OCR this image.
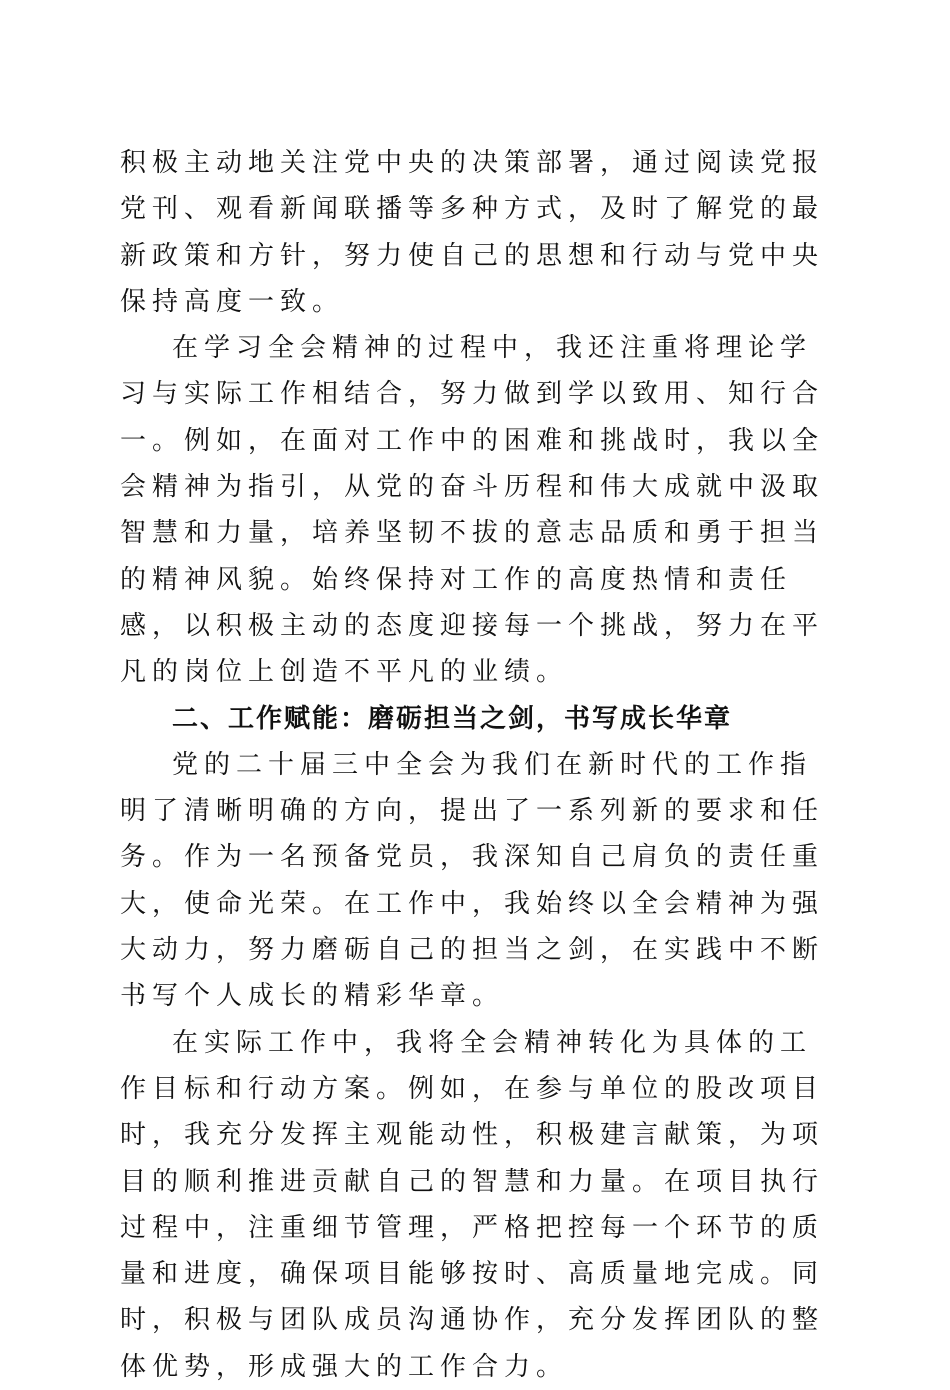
积极主动地关注党中央的决策部署，通过阅读党报党刊、观看新闻联播等多种方式，及时了解党的最新政策和方针，努力使自己的思想和行动与党中央保持高度一致。

在学习全会精神的过程中，我还注重将理论学习与实际工作相结合，努力做到学以致用、知行合一。例如，在面对工作中的困难和挑战时，我以全会精神为指引，从党的奋斗历程和伟大成就中汲取智慧和力量，培养坚韧不拔的意志品质和勇于担当的精神风貌。始终保持对工作的高度热情和责任感，以积极主动的态度迎接每一个挑战，努力在平凡的岗位上创造不平凡的业绩。

二、工作赋能：磨砺担当之剑，书写成长华章

党的二十届三中全会为我们在新时代的工作指明了清晰明确的方向，提出了一系列新的要求和任务。作为一名预备党员，我深知自己肩负的责任重大，使命光荣。在工作中，我始终以全会精神为强大动力，努力磨砺自己的担当之剑，在实践中不断书写个人成长的精彩华章。

在实际工作中，我将全会精神转化为具体的工作目标和行动方案。例如，在参与单位的股改项目时，我充分发挥主观能动性，积极建言献策，为项目的顺利推进贡献自己的智慧和力量。在项目执行过程中，注重细节管理，严格把控每一个环节的质量和进度，确保项目能够按时、高质量地完成。同时，积极与团队成员沟通协作，充分发挥团队的整体优势，形成强大的工作合力。
